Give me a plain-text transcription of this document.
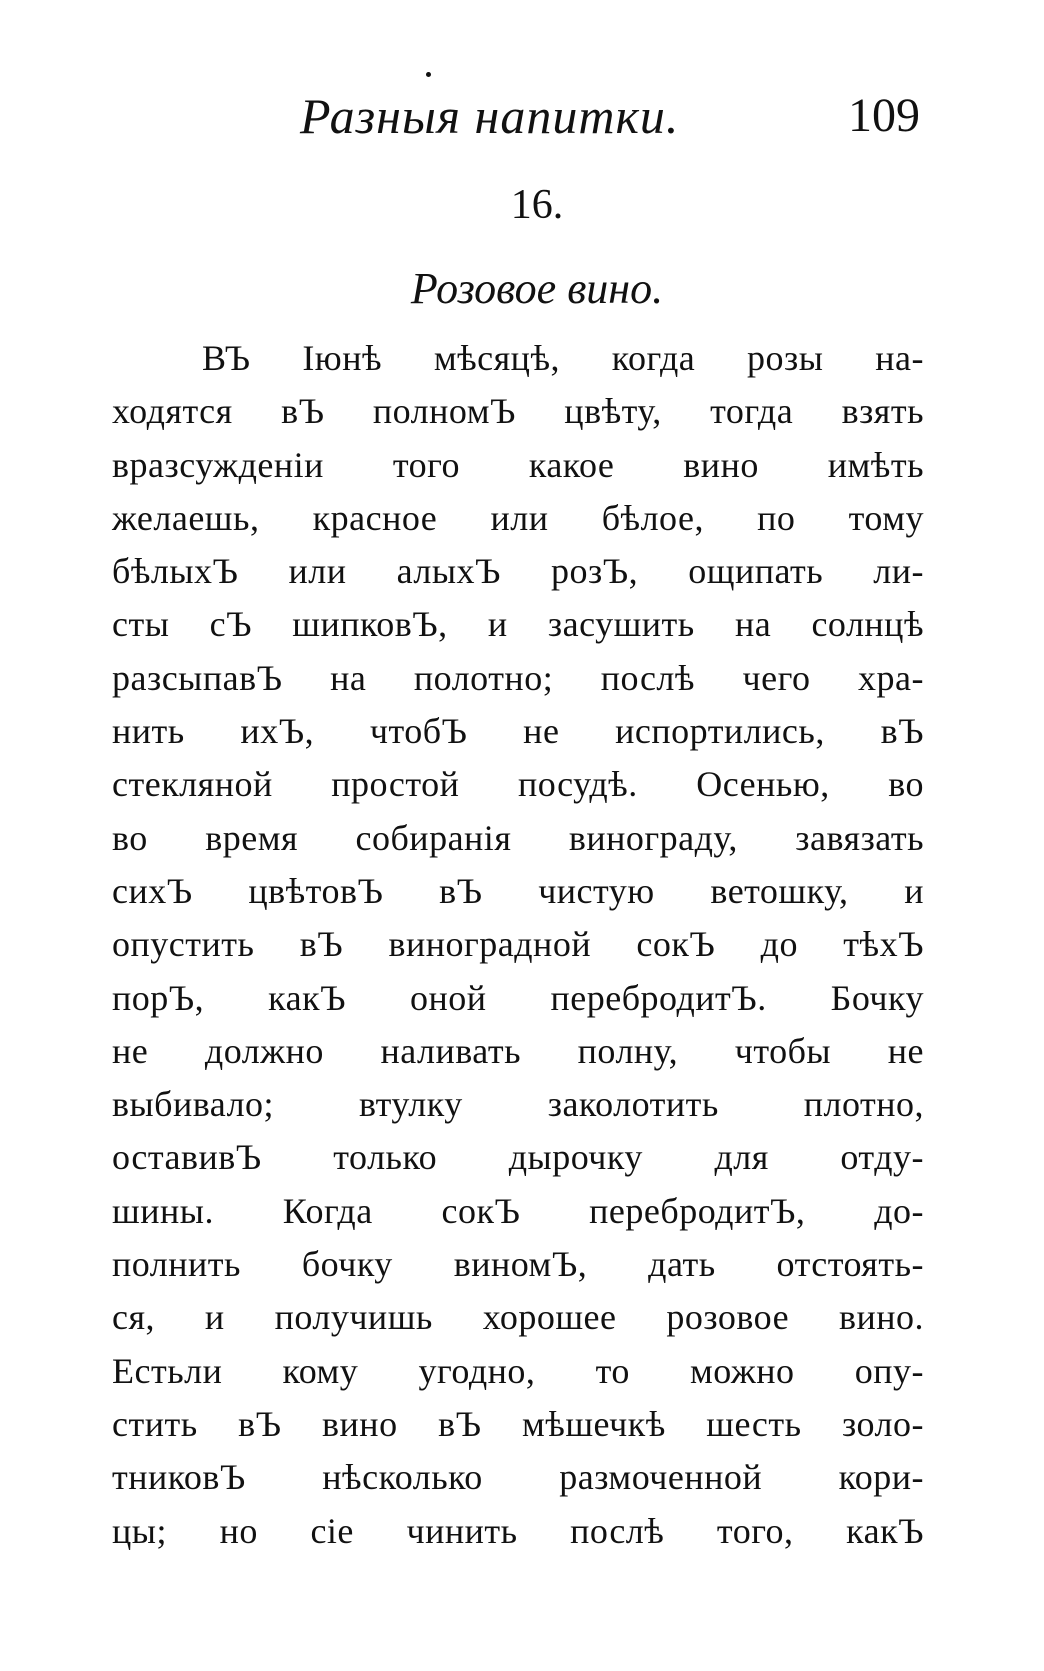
Разныя напитки.	109
16.
Розовое вино.
ВЪ Iюнѣ мѣсяцѣ, когда розы на-
ходятся вЪ полномЪ цвѣту, тогда взять
вразсужденiи того какое вино имѣть
желаешь, красное или бѣлое, по тому
бѣлыхЪ или алыхЪ розЪ, ощипать ли-
сты сЪ шипковЪ, и засушить на солнцѣ
разсыпавЪ на полотно; послѣ чего хра-
нить ихЪ, чтобЪ не испортились, вЪ
стекляной простой посудѣ. Осенью, во
во время собиранiя винограду, завязать
сихЪ цвѣтовЪ вЪ чистую ветошку, и
опустить вЪ виноградной сокЪ до тѣхЪ
порЪ, какЪ оной перебродитЪ. Бочку
не должно наливать полну, чтобы не
выбивало; втулку заколотить плотно,
оставивЪ только дырочку для отду-
шины. Когда сокЪ перебродитЪ, до-
полнить бочку виномЪ, дать отстоять-
ся, и получишь хорошее розовое вино.
Естьли кому угодно, то можно опу-
стить вЪ вино вЪ мѣшечкѣ шесть золо-
тниковЪ нѣсколько размоченной кори-
цы; но сiе чинить послѣ того, какЪ
